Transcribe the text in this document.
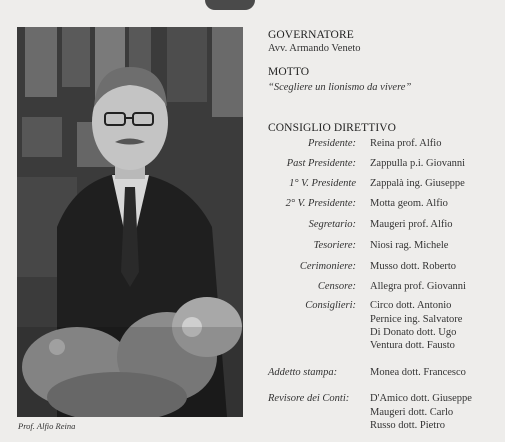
Prof. Alfio Reina
GOVERNATORE
Avv. Armando Veneto
MOTTO
“Scegliere un lionismo da vivere”
CONSIGLIO DIRETTIVO
Presidente: Reina prof. Alfio
Past Presidente: Zappulla p.i. Giovanni
1° V. Presidente Zappalà ing. Giuseppe
2° V. Presidente: Motta geom. Alfio
Segretario: Maugeri prof. Alfio
Tesoriere: Niosi rag. Michele
Cerimoniere: Musso dott. Roberto
Censore: Allegra prof. Giovanni
Consiglieri: Circo dott. Antonio
Pernice ing. Salvatore
Di Donato dott. Ugo
Ventura dott. Fausto
Addetto stampa:	Monea dott. Francesco
Revisore dei Conti: D'Amico dott. Giuseppe
Maugeri dott. Carlo
Russo dott. Pietro
